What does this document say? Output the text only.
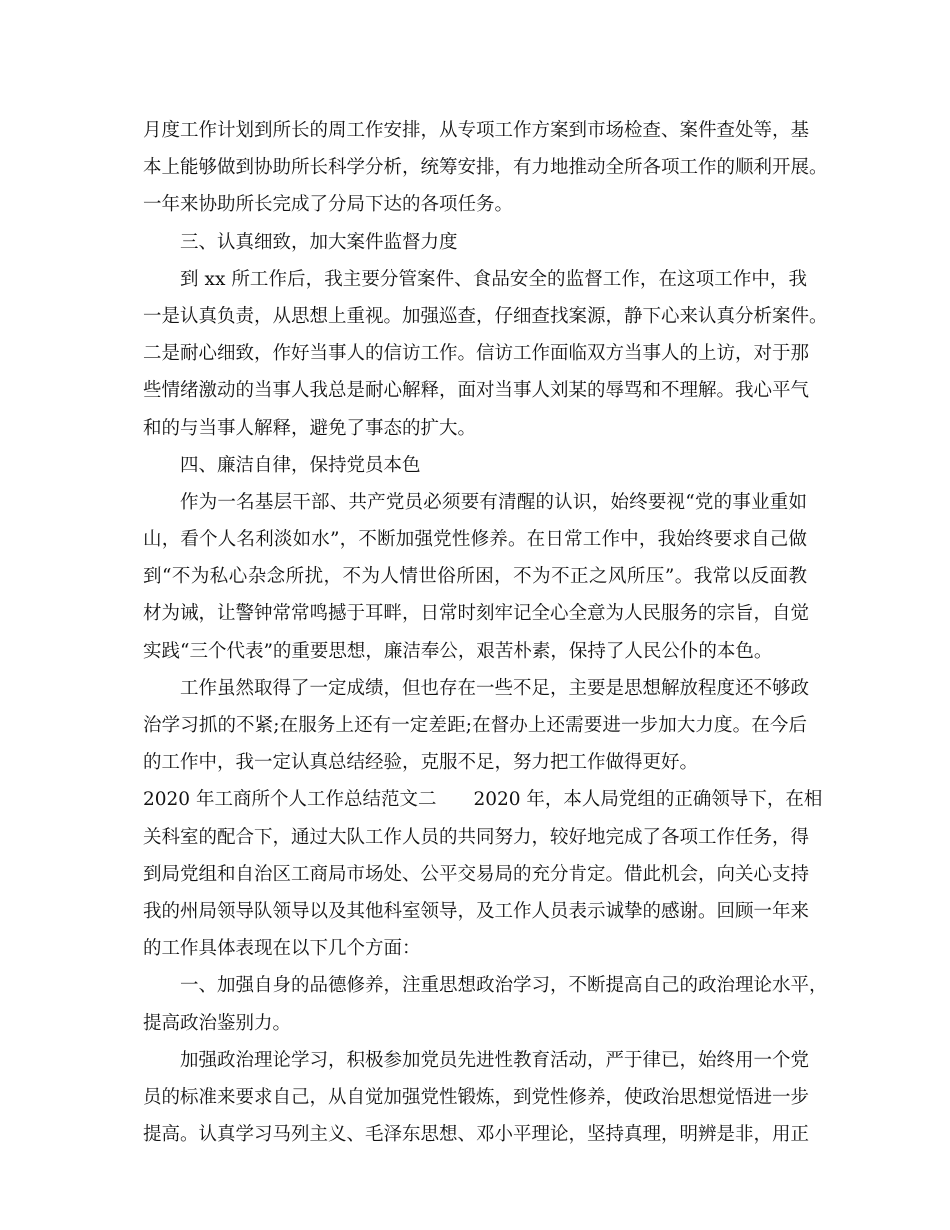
月度工作计划到所长的周工作安排，从专项工作方案到市场检查、案件查处等，基
本上能够做到协助所长科学分析，统筹安排，有力地推动全所各项工作的顺利开展。
一年来协助所长完成了分局下达的各项任务。
三、认真细致，加大案件监督力度
到 xx 所工作后，我主要分管案件、食品安全的监督工作，在这项工作中，我
一是认真负责，从思想上重视。加强巡查，仔细查找案源，静下心来认真分析案件。
二是耐心细致，作好当事人的信访工作。信访工作面临双方当事人的上访，对于那
些情绪激动的当事人我总是耐心解释，面对当事人刘某的辱骂和不理解。我心平气
和的与当事人解释，避免了事态的扩大。
四、廉洁自律，保持党员本色
作为一名基层干部、共产党员必须要有清醒的认识，始终要视“党的事业重如
山，看个人名利淡如水”，不断加强党性修养。在日常工作中，我始终要求自己做
到“不为私心杂念所扰，不为人情世俗所困，不为不正之风所压”。我常以反面教
材为诫，让警钟常常鸣撼于耳畔，日常时刻牢记全心全意为人民服务的宗旨，自觉
实践“三个代表”的重要思想，廉洁奉公，艰苦朴素，保持了人民公仆的本色。
工作虽然取得了一定成绩，但也存在一些不足，主要是思想解放程度还不够政
治学习抓的不紧;在服务上还有一定差距;在督办上还需要进一步加大力度。在今后
的工作中，我一定认真总结经验，克服不足，努力把工作做得更好。
2020 年工商所个人工作总结范文二　　2020 年，本人局党组的正确领导下，在相
关科室的配合下，通过大队工作人员的共同努力，较好地完成了各项工作任务，得
到局党组和自治区工商局市场处、公平交易局的充分肯定。借此机会，向关心支持
我的州局领导队领导以及其他科室领导，及工作人员表示诚挚的感谢。回顾一年来
的工作具体表现在以下几个方面：
一、加强自身的品德修养，注重思想政治学习，不断提高自己的政治理论水平，
提高政治鉴别力。
加强政治理论学习，积极参加党员先进性教育活动，严于律已，始终用一个党
员的标准来要求自己，从自觉加强党性锻炼，到党性修养，使政治思想觉悟进一步
提高。认真学习马列主义、毛泽东思想、邓小平理论，坚持真理，明辨是非，用正
